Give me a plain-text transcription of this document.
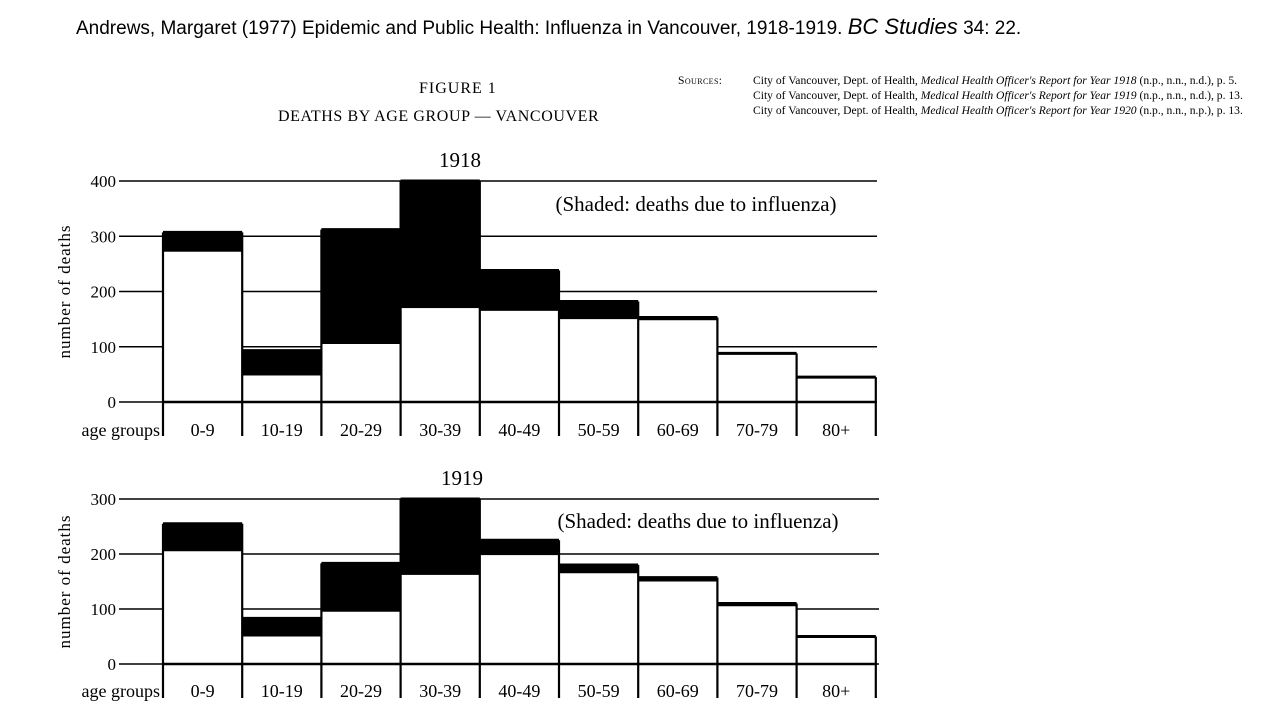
Andrews, Margaret (1977) Epidemic and Public Health: Influenza in Vancouver, 1918-1919. BC Studies 34: 22.
FIGURE 1
DEATHS BY AGE GROUP — VANCOUVER
Sources:	City of Vancouver, Dept. of Health, Medical Health Officer's Report for Year 1918 (n.p., n.n., n.d.), p. 5. City of Vancouver, Dept. of Health, Medical Health Officer's Report for Year 1919 (n.p., n.n., n.d.), p. 13. City of Vancouver, Dept. of Health, Medical Health Officer's Report for Year 1920 (n.p., n.n., n.p.), p. 13.
0
100
200
300
400
0-9	10-19 20-29 30-39 40-49 50-59 60-69 70-79 80+
age groups
number of deaths
1918
(Shaded: deaths due to influenza)
0
100
200
300
0-9	10-19 20-29 30-39 40-49 50-59 60-69 70-79 80+
age groups
number of deaths
1919
(Shaded: deaths due to influenza)
